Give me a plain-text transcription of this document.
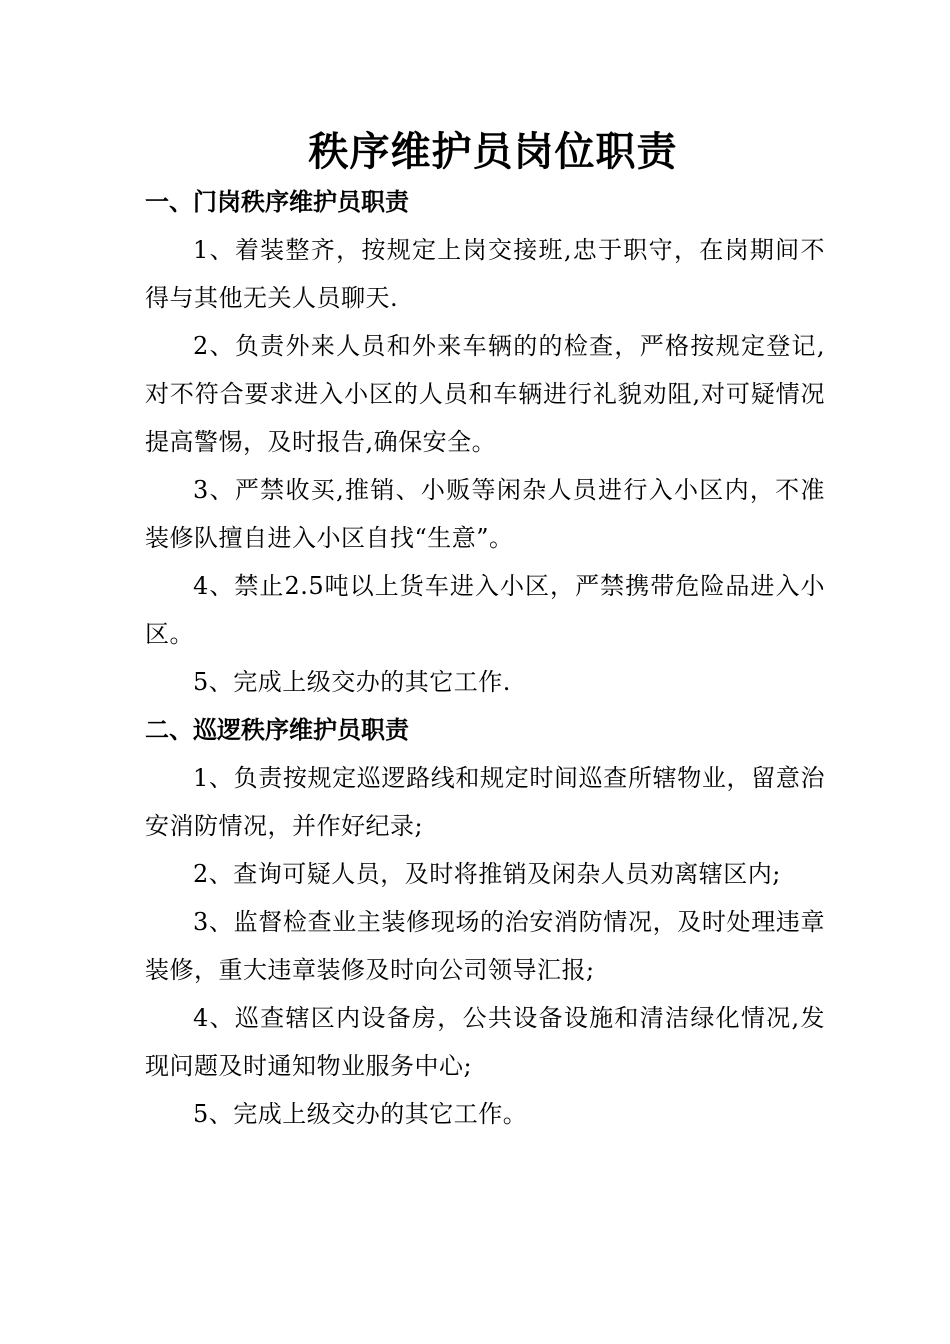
秩序维护员岗位职责
一、门岗秩序维护员职责

1、着装整齐，按规定上岗交接班,忠于职守，在岗期间不得与其他无关人员聊天.

2、负责外来人员和外来车辆的的检查，严格按规定登记,对不符合要求进入小区的人员和车辆进行礼貌劝阻,对可疑情况提高警惕，及时报告,确保安全。

3、严禁收买,推销、小贩等闲杂人员进行入小区内，不准装修队擅自进入小区自找“生意”。

4、禁止2.5吨以上货车进入小区，严禁携带危险品进入小区。

5、完成上级交办的其它工作.

二、巡逻秩序维护员职责

1、负责按规定巡逻路线和规定时间巡查所辖物业，留意治安消防情况，并作好纪录;

2、查询可疑人员，及时将推销及闲杂人员劝离辖区内;

3、监督检查业主装修现场的治安消防情况，及时处理违章装修，重大违章装修及时向公司领导汇报;

4、巡查辖区内设备房，公共设备设施和清洁绿化情况,发现问题及时通知物业服务中心;

5、完成上级交办的其它工作。
